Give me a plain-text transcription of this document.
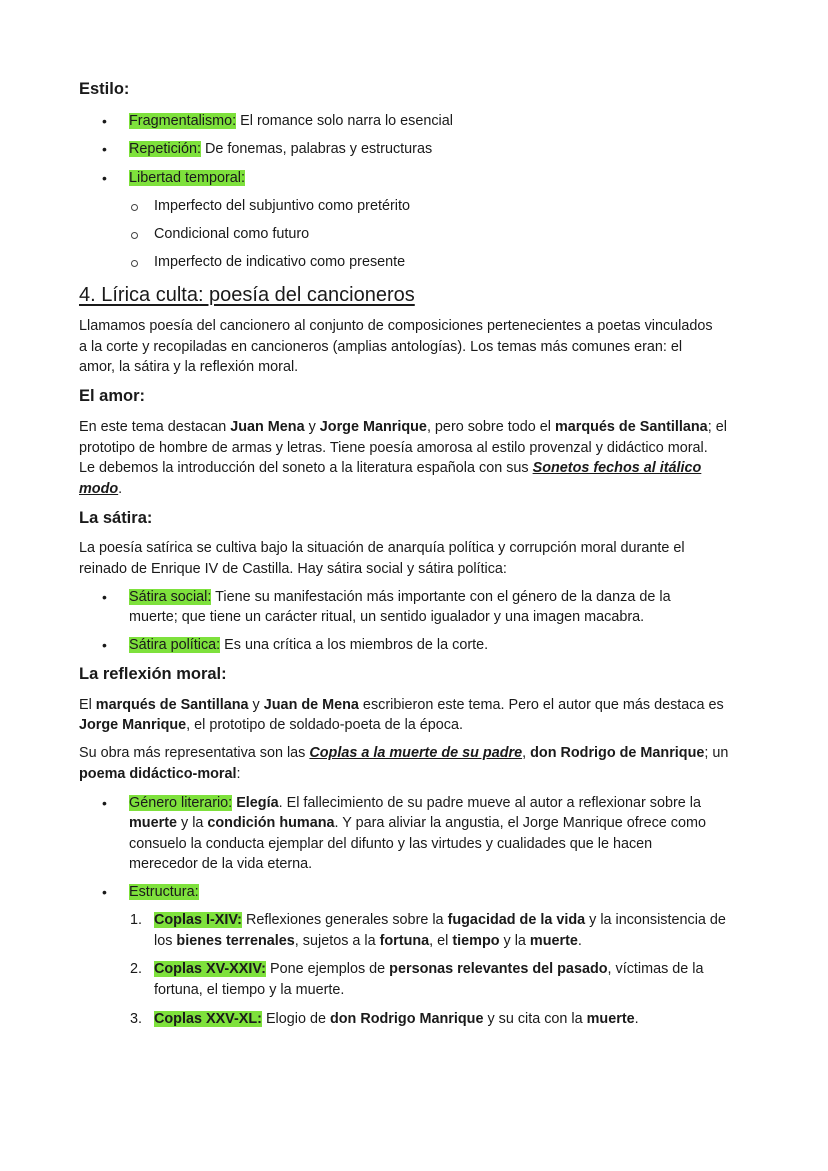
Estilo:
• Fragmentalismo: El romance solo narra lo esencial
• Repetición: De fonemas, palabras y estructuras
• Libertad temporal:
Imperfecto del subjuntivo como pretérito
Condicional como futuro
Imperfecto de indicativo como presente
4. Lírica culta: poesía del cancioneros
Llamamos poesía del cancionero al conjunto de composiciones pertenecientes a poetas vinculados
a la corte y recopiladas en cancioneros (amplias antologías). Los temas más comunes eran: el
amor, la sátira y la reflexión moral.
El amor:
En este tema destacan Juan Mena y Jorge Manrique, pero sobre todo el marqués de Santillana; el
prototipo de hombre de armas y letras. Tiene poesía amorosa al estilo provenzal y didáctico moral.
Le debemos la introducción del soneto a la literatura española con sus Sonetos fechos al itálico
modo.
La sátira:
La poesía satírica se cultiva bajo la situación de anarquía política y corrupción moral durante el
reinado de Enrique IV de Castilla. Hay sátira social y sátira política:
• Sátira social: Tiene su manifestación más importante con el género de la danza de la
muerte; que tiene un carácter ritual, un sentido igualador y una imagen macabra.
• Sátira política: Es una crítica a los miembros de la corte.
La reflexión moral:
El marqués de Santillana y Juan de Mena escribieron este tema. Pero el autor que más destaca es
Jorge Manrique, el prototipo de soldado-poeta de la época.
Su obra más representativa son las Coplas a la muerte de su padre, don Rodrigo de Manrique; un
poema didáctico-moral:
• Género literario: Elegía. El fallecimiento de su padre mueve al autor a reflexionar sobre la
muerte y la condición humana. Y para aliviar la angustia, el Jorge Manrique ofrece como
consuelo la conducta ejemplar del difunto y las virtudes y cualidades que le hacen
merecedor de la vida eterna.
• Estructura:
1. Coplas I-XIV: Reflexiones generales sobre la fugacidad de la vida y la inconsistencia de
los bienes terrenales, sujetos a la fortuna, el tiempo y la muerte.
2. Coplas XV-XXIV: Pone ejemplos de personas relevantes del pasado, víctimas de la
fortuna, el tiempo y la muerte.
3. Coplas XXV-XL: Elogio de don Rodrigo Manrique y su cita con la muerte.
